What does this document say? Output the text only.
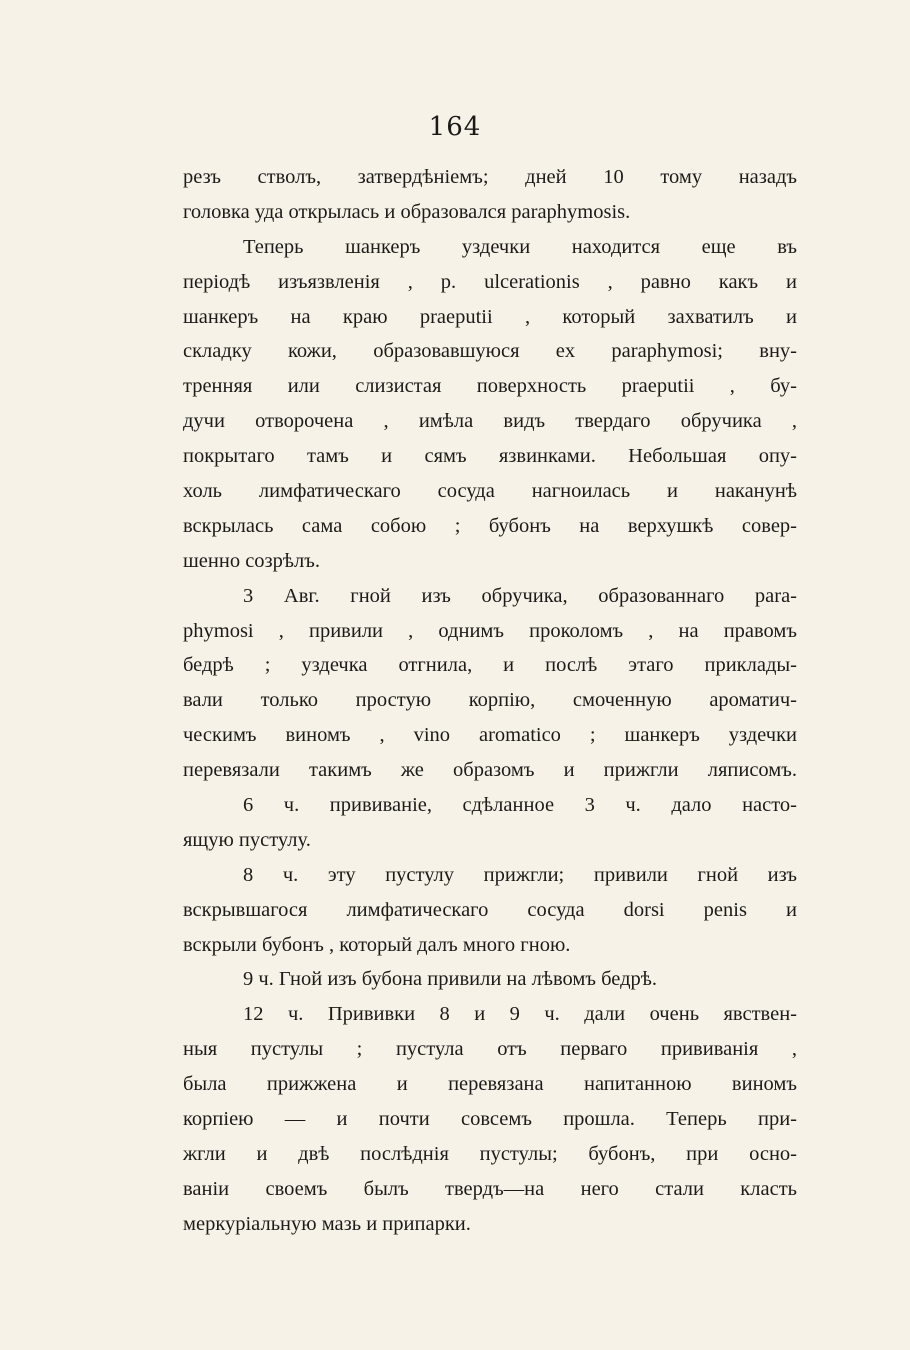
164
резъ стволъ, затвердѣніемъ; дней 10 тому назадъ
головка уда открылась и образовался paraphymosis.
Теперь шанкеръ уздечки находится еще въ
періодѣ изъязвленія , p. ulcerationis , равно какъ и
шанкеръ на краю praeputii , который захватилъ и
складку кожи, образовавшуюся ex paraphymosi; вну-
тренняя или слизистая поверхность praeputii , бу-
дучи отворочена , имѣла видъ твердаго обручика ,
покрытаго тамъ и сямъ язвинками. Небольшая опу-
холь лимфатическаго сосуда нагноилась и наканунѣ
вскрылась сама собою ; бубонъ на верхушкѣ совер-
шенно созрѣлъ.
3 Авг. гной изъ обручика, образованнаго para-
phymosi , привили , однимъ проколомъ , на правомъ
бедрѣ ; уздечка отгнила, и послѣ этаго приклады-
вали только простую корпію, смоченную ароматич-
ческимъ виномъ , vino aromatico ; шанкеръ уздечки
перевязали такимъ же образомъ и прижгли ляписомъ.
6 ч. прививаніе, сдѣланное 3 ч. дало насто-
ящую пустулу.
8 ч. эту пустулу прижгли; привили гной изъ
вскрывшагося лимфатическаго сосуда dorsi penis и
вскрыли бубонъ , который далъ много гною.
9 ч. Гной изъ бубона привили на лѣвомъ бедрѣ.
12 ч. Прививки 8 и 9 ч. дали очень явствен-
ныя пустулы ; пустула отъ перваго прививанія ,
была прижжена и перевязана напитанною виномъ
корпіею — и почти совсемъ прошла. Теперь при-
жгли и двѣ послѣднія пустулы; бубонъ, при осно-
ваніи своемъ былъ твердъ—на него стали класть
меркуріальную мазь и припарки.
